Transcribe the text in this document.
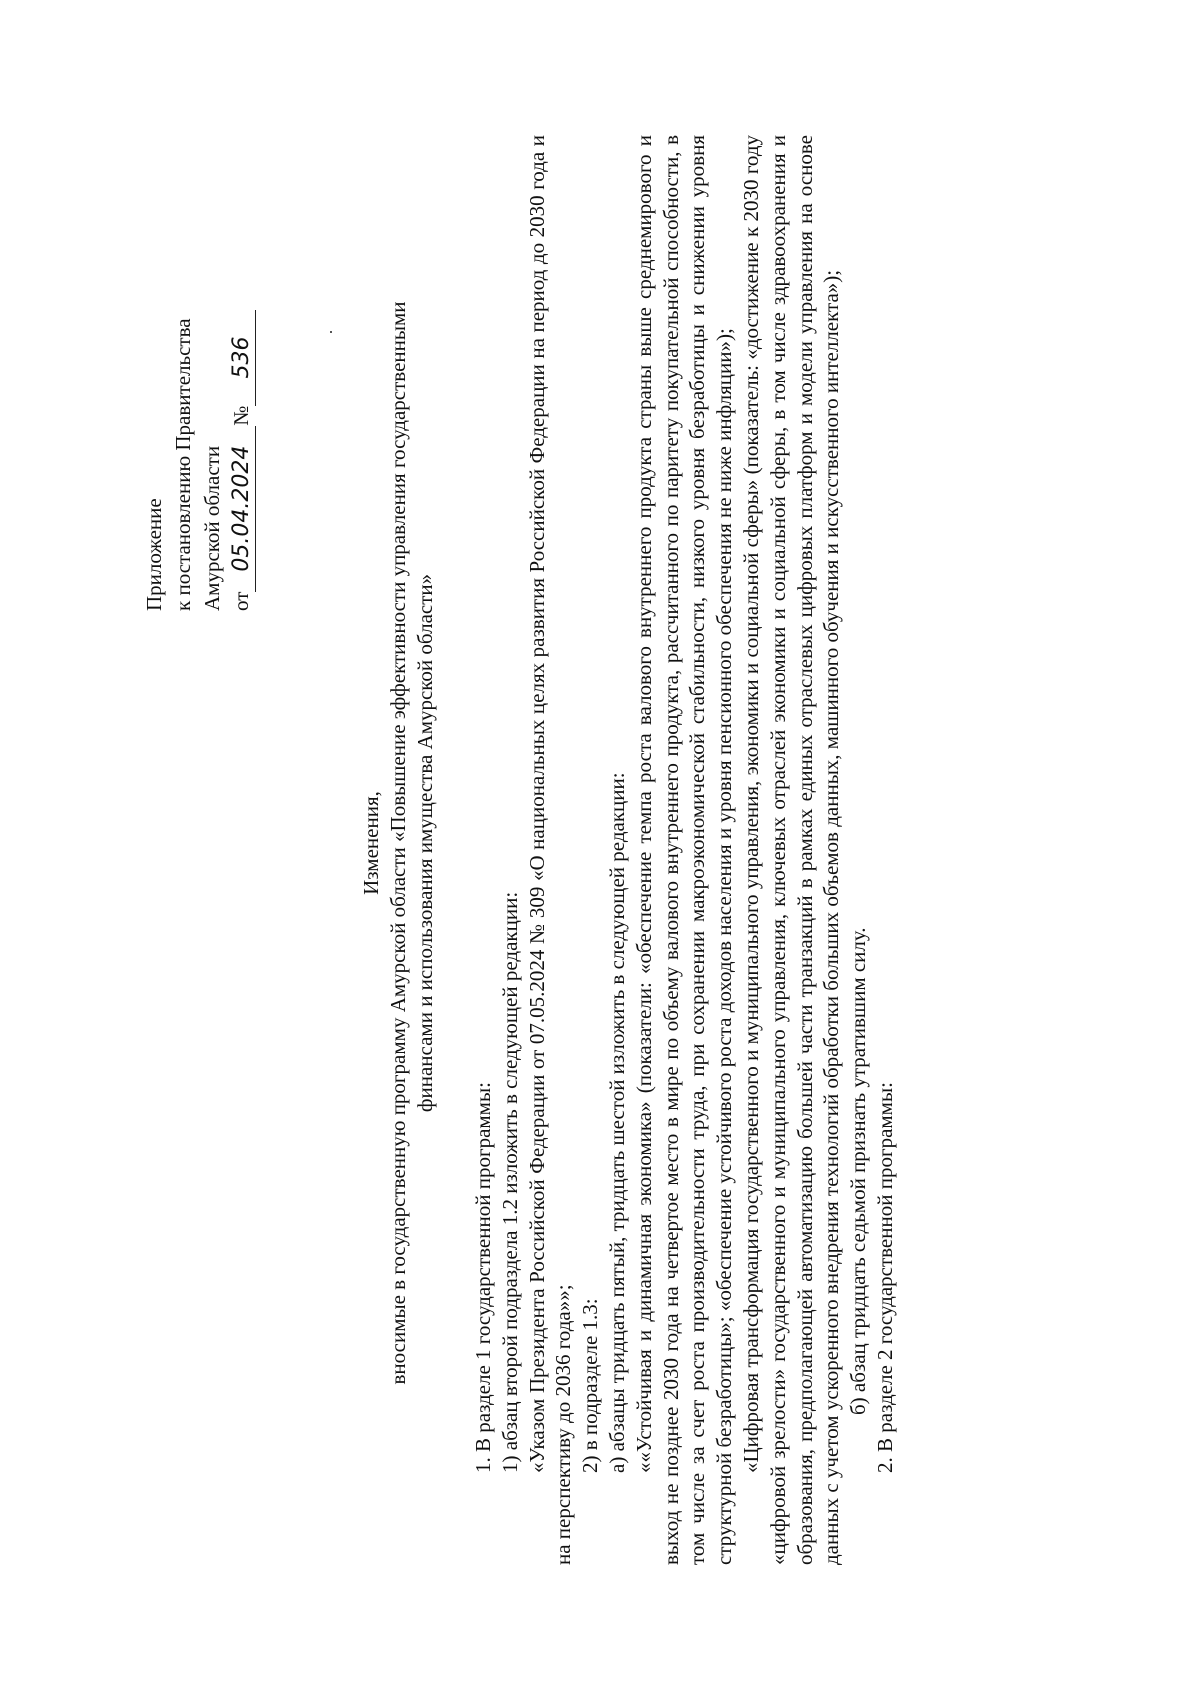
Приложение к постановлению Правительства Амурской области от05.04.2024№536
Изменения, вносимые в государственную программу Амурской области «Повышение эффективности управления государственными финансами и использования имущества Амурской области»

1. В разделе 1 государственной программы: 1) абзац второй подраздела 1.2 изложить в следующей редакции: «Указом Президента Российской Федерации от 07.05.2024 № 309 «О национальных целях развития Российской Федерации на период до 2030 года и на перспективу до 2036 года»»; 2) в подразделе 1.3: а) абзацы тридцать пятый, тридцать шестой изложить в следующей редакции: ««Устойчивая и динамичная экономика» (показатели: «обеспечение темпа роста валового внутреннего продукта страны выше среднемирового и выход не позднее 2030 года на четвертое место в мире по объему валового внутреннего продукта, рассчитанного по паритету покупательной способности, в том числе за счет роста производительности труда, при сохранении макроэкономической стабильности, низкого уровня безработицы и снижении уровня структурной безработицы»; «обеспечение устойчивого роста доходов населения и уровня пенсионного обеспечения не ниже инфляции»); «Цифровая трансформация государственного и муниципального управления, экономики и социальной сферы» (показатель: «достижение к 2030 году «цифровой зрелости» государственного и муниципального управления, ключевых отраслей экономики и социальной сферы, в том числе здравоохранения и образования, предполагающей автоматизацию большей части транзакций в рамках единых отраслевых цифровых платформ и модели управления на основе данных с учетом ускоренного внедрения технологий обработки больших объемов данных, машинного обучения и искусственного интеллекта»); б) абзац тридцать седьмой признать утратившим силу. 2. В разделе 2 государственной программы:
